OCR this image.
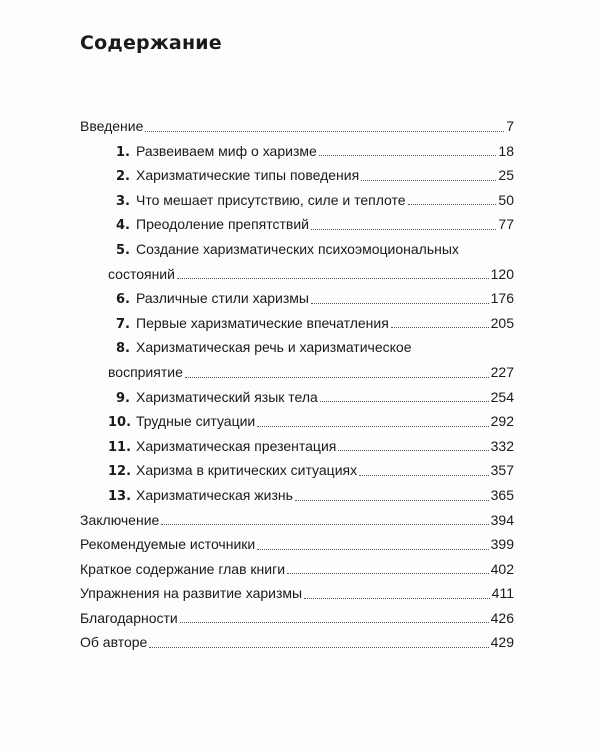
Содержание
Введение	7
1. Развеиваем миф о харизме	18
2. Харизматические типы поведения	25
3. Что мешает присутствию, силе и теплоте	50
4. Преодоление препятствий	77
5. Создание харизматических психоэмоциональных
состояний	120
6. Различные стили харизмы	176
7. Первые харизматические впечатления	205
8. Харизматическая речь и харизматическое
восприятие	227
9. Харизматический язык тела	254
10. Трудные ситуации	292
11. Харизматическая презентация	332
12. Харизма в критических ситуациях	357
13. Харизматическая жизнь	365
Заключение	394
Рекомендуемые источники	399
Краткое содержание глав книги	402
Упражнения на развитие харизмы	411
Благодарности	426
Об авторе	429
